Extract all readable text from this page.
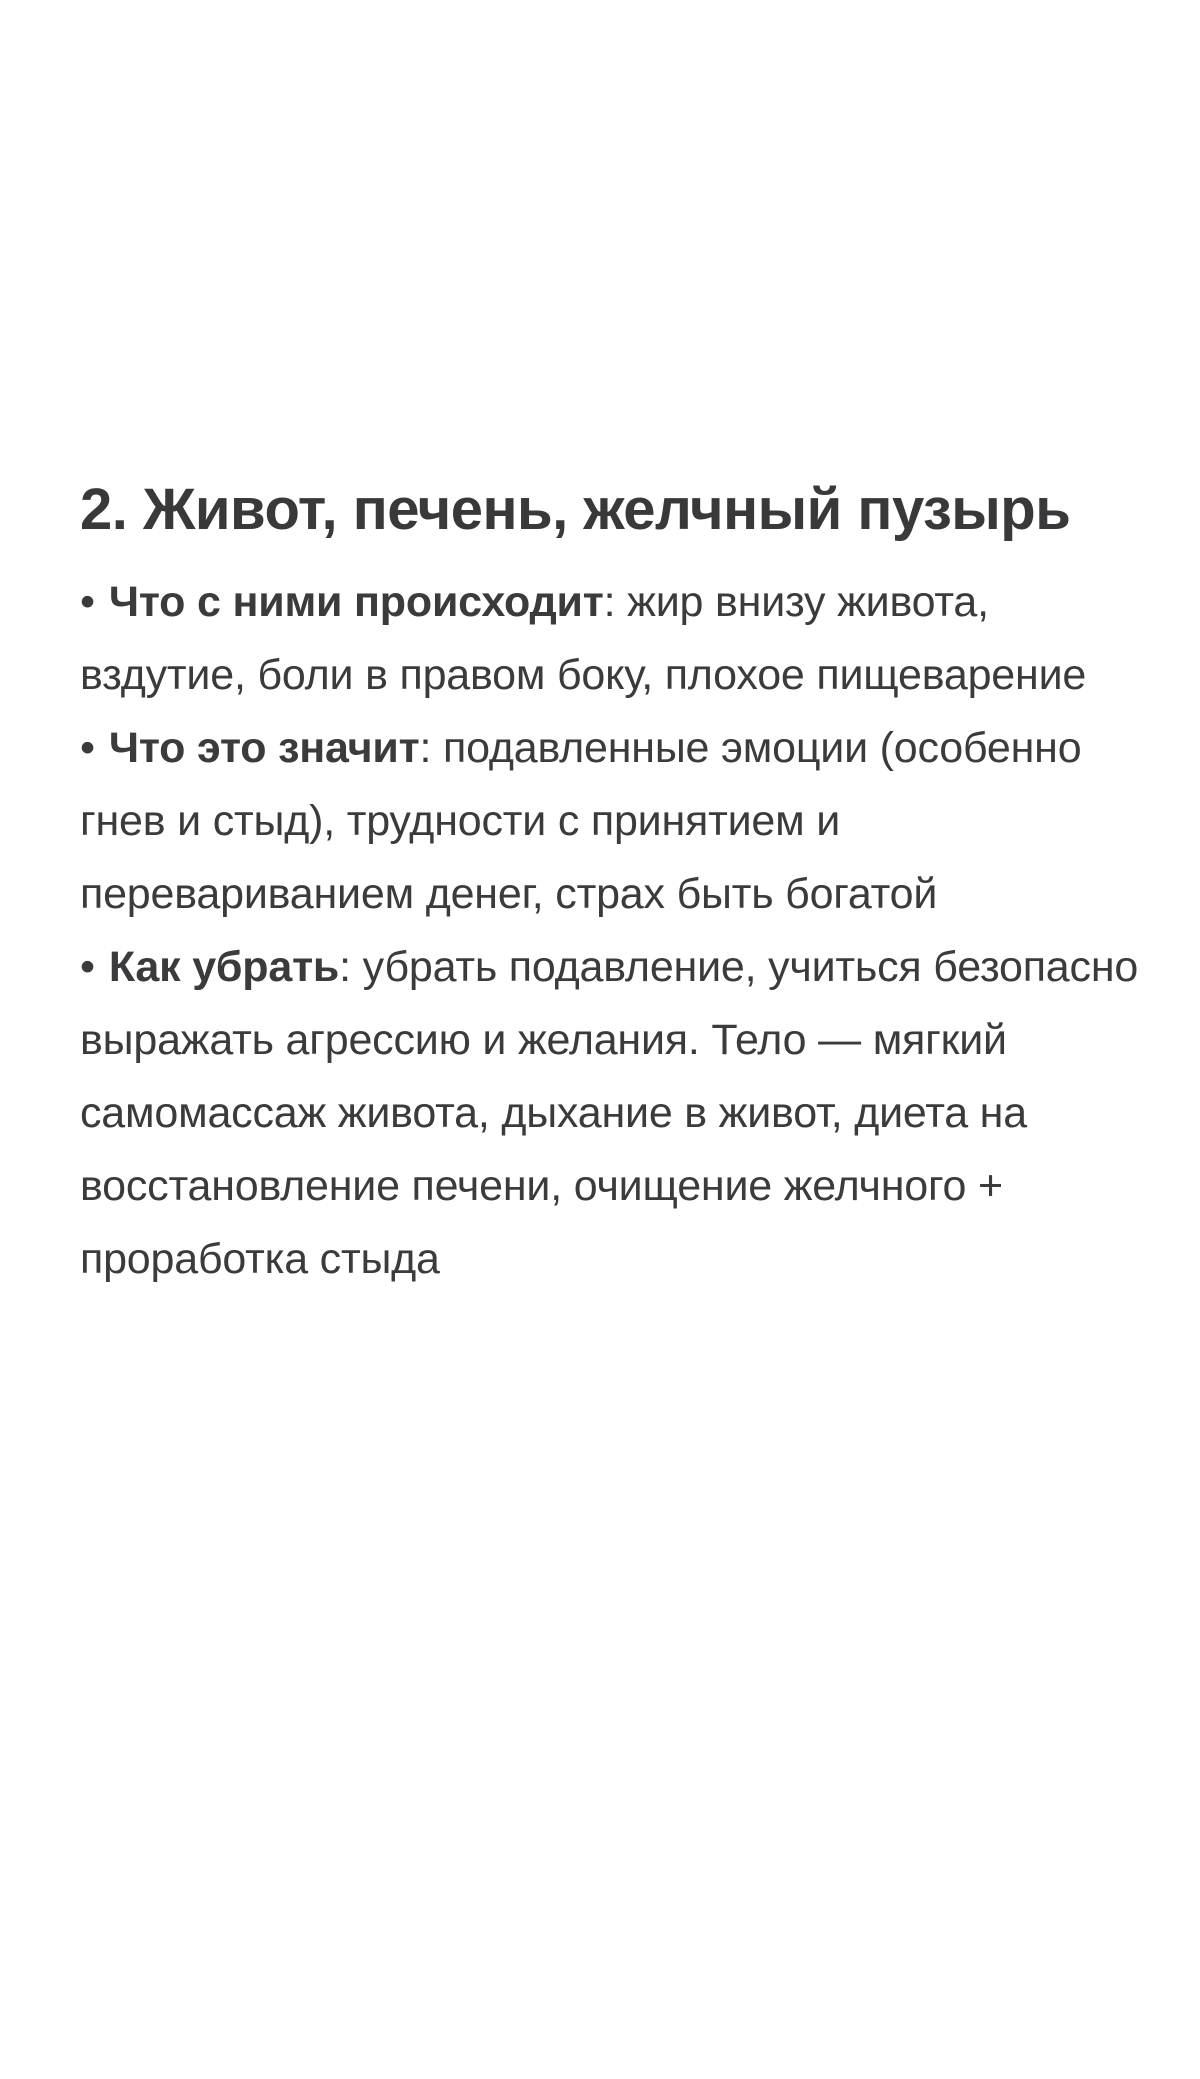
2. Живот, печень, желчный пузырь
• Что с ними происходит: жир внизу живота, вздутие, боли в правом боку, плохое пищеварение
• Что это значит: подавленные эмоции (особенно гнев и стыд), трудности с принятием и перевариванием денег, страх быть богатой
• Как убрать: убрать подавление, учиться безопасно выражать агрессию и желания. Тело — мягкий самомассаж живота, дыхание в живот, диета на восстановление печени, очищение желчного + проработка стыда
